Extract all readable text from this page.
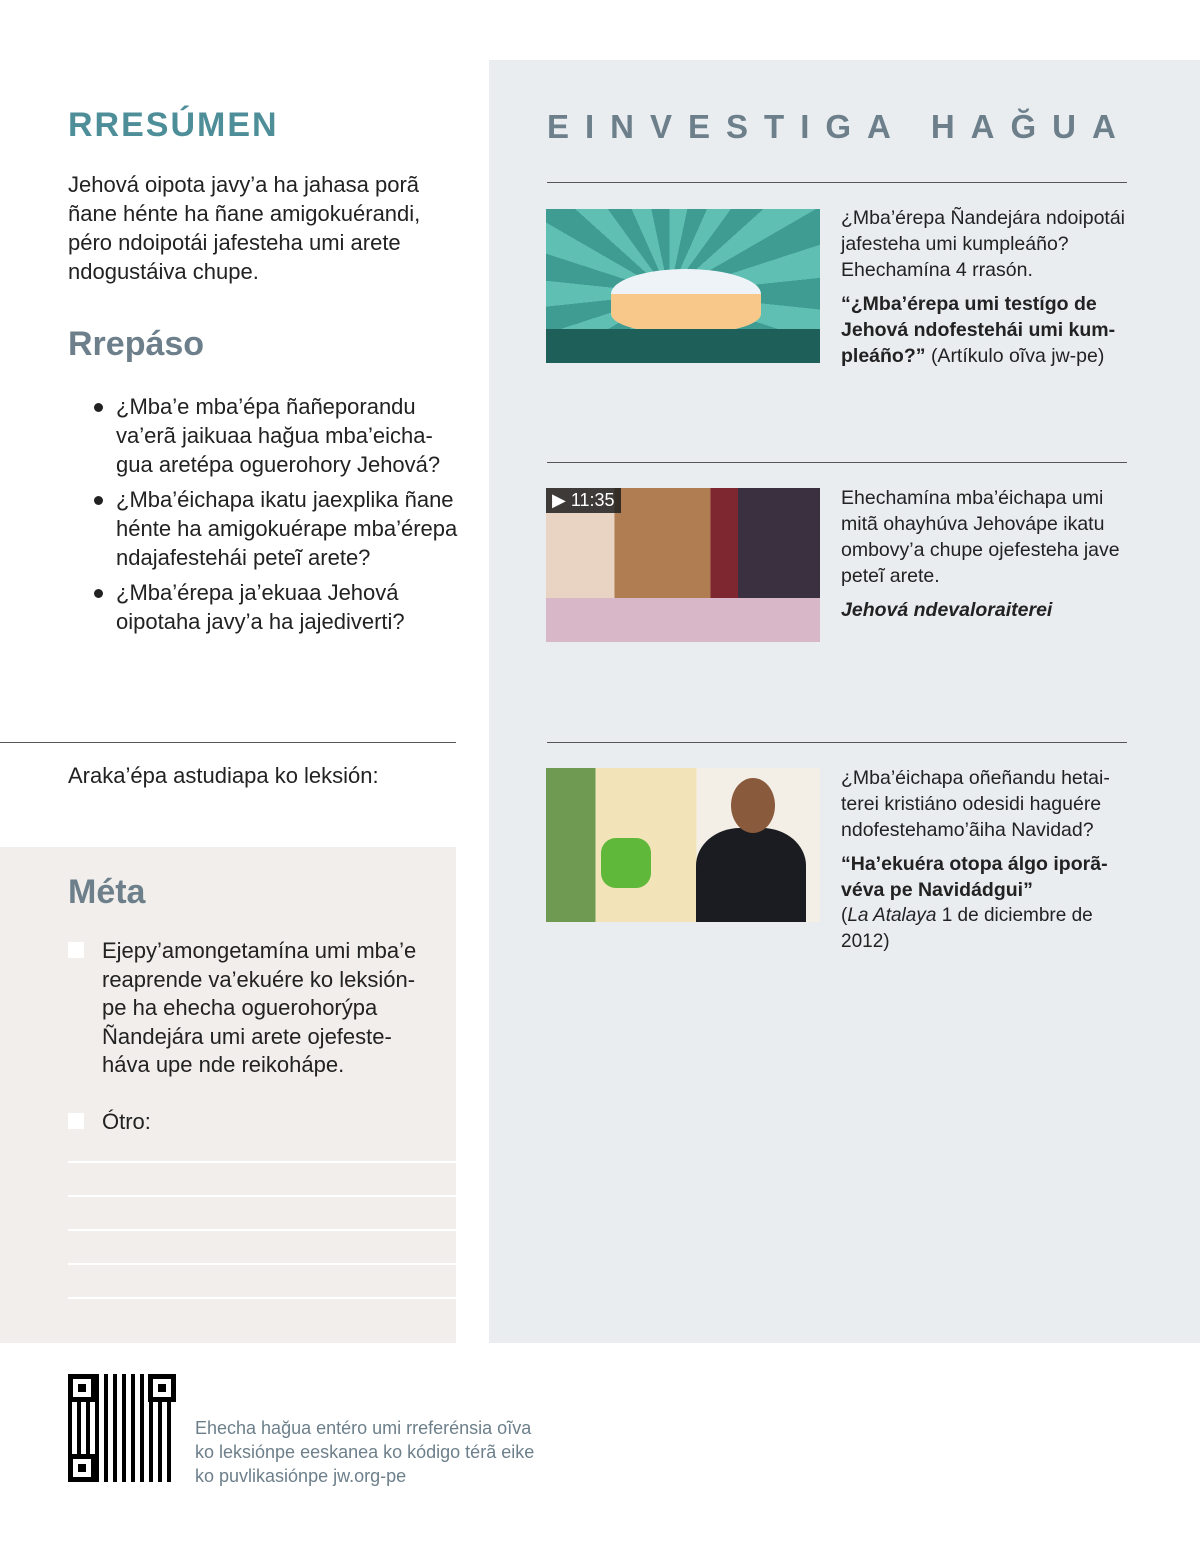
RRESÚMEN

Jehová oipota javy’a ha jahasa porã ñane hénte ha ñane amigokuérandi, péro ndoipotái jafesteha umi arete ndogustáiva chupe.

Rrepáso
¿Mba’e mba’épa ñañeporandu va’erã jaikuaa hağua mba’eichagua aretépa oguerohory Jehová?
¿Mba’éichapa ikatu jaexplika ñane hénte ha amigokuérape mba’érepa ndajafestehái peteĩ arete?
¿Mba’érepa ja’ekuaa Jehová oipotaha javy’a ha jajediverti?

Araka’épa astudiapa ko leksión:

Méta

Ejepy’amongetamína umi mba’e reaprende va’ekuére ko leksiónpe ha ehecha oguerohorýpa Ñandejára umi arete ojefesteháva upe nde reikohápe.

Ótro:

EINVESTIGA HAĞUA

¿Mba’érepa Ñandejára ndoipotái jafesteha umi kumpleáño? Ehechamína 4 rrasón.

“¿Mba’érepa umi testígo de Jehová ndofestehái umi kumpleáño?” (Artíkulo oĩva jw-pe)

▶ 11:35	Ehechamína mba’éichapa umi mitã ohayhúva Jehovápe ikatu ombovy’a chupe ojefesteha jave peteĩ arete.

Jehová ndevaloraiterei

¿Mba’éichapa oñeñandu hetaiterei kristiáno odesidi haguére ndofestehamo’ãiha Navidad?

“Ha’ekuéra otopa álgo iporãvéva pe Navidádgui”

(La Atalaya 1 de diciembre de 2012)

Ehecha hağua entéro umi rreferénsia oĩva ko leksiónpe eeskanea ko kódigo térã eike ko puvlikasiónpe jw.org-pe
